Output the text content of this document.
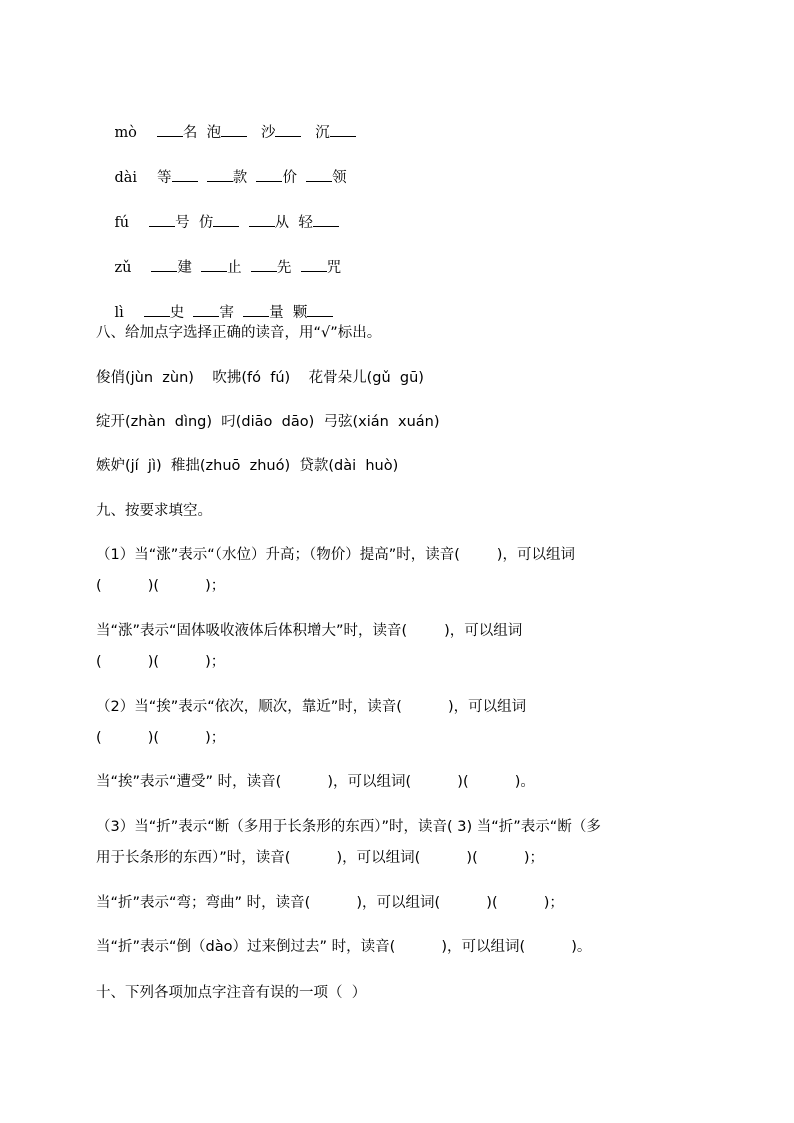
mò	名 泡	沙	沉

dài 等	款 价 领

fú	号 仿	从 轻

zǔ	建 止 先 咒

lì	史 害 量 颗

八、给加点字选择正确的读音，用“√”标出。
俊俏(jùn  zùn)    吹拂(fó  fú)    花骨朵儿(gǔ  gū)
绽开(zhàn  dìng)  叼(diāo  dāo)  弓弦(xián  xuán)
嫉妒(jí  jì)  稚拙(zhuō  zhuó)  贷款(dài  huò)
九、按要求填空。
（1）当“涨”表示“（水位）升高；（物价）提高”时，读音(        )，可以组词
(          )(          )；
当“涨”表示“固体吸收液体后体积增大”时，读音(        )，可以组词
(          )(          )；
（2）当“挨”表示“依次，顺次，靠近”时，读音(          )，可以组词
(          )(          )；
当“挨”表示“遭受” 时，读音(          )，可以组词(          )(          )。
（3）当“折”表示“断（多用于长条形的东西）”时，读音( 3) 当“折”表示“断（多
用于长条形的东西）”时，读音(          )，可以组词(          )(          )；
当“折”表示“弯；弯曲” 时，读音(          )，可以组词(          )(          )；
当“折”表示“倒（dào）过来倒过去” 时，读音(          )，可以组词(          )。
十、下列各项加点字注音有误的一项（  ）
